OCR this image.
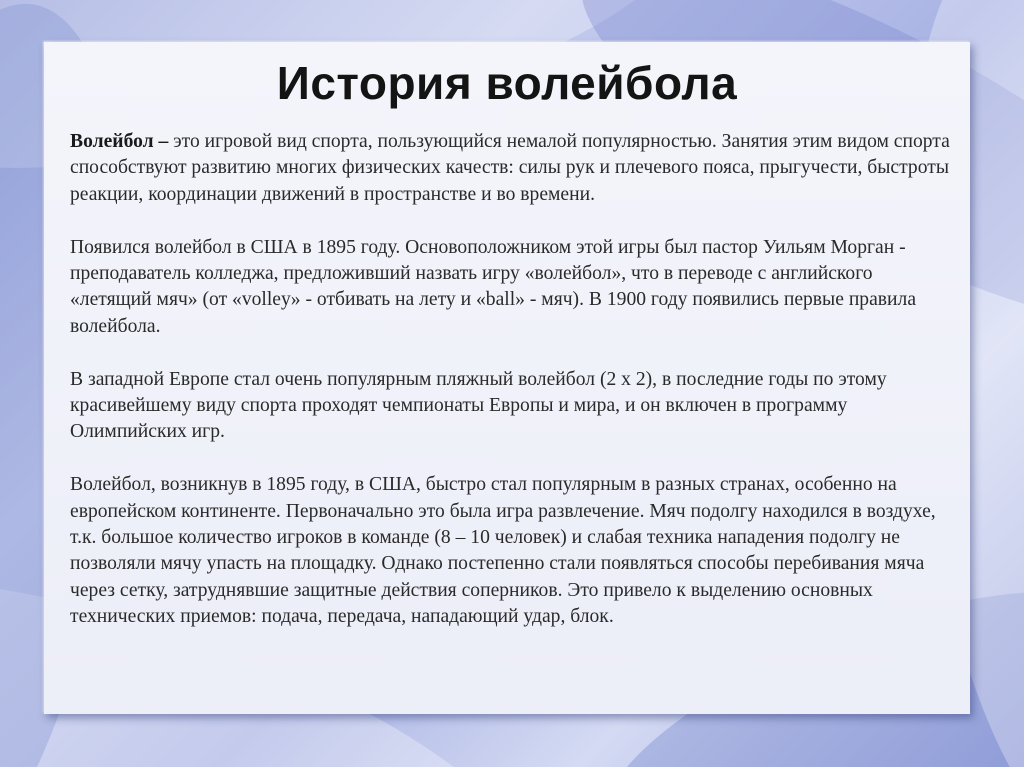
История волейбола

Волейбол – это игровой вид спорта, пользующийся немалой популярностью. Занятия этим видом спорта способствуют развитию многих физических качеств: силы рук и плечевого пояса, прыгучести, быстроты реакции, координации движений в пространстве и во времени.

Появился волейбол в США в 1895 году. Основоположником этой игры был пастор Уильям Морган - преподаватель колледжа, предложивший назвать игру «волейбол», что в переводе с английского «летящий мяч» (от «volley» - отбивать на лету и «ball» - мяч). В 1900 году появились первые правила волейбола.

В западной Европе стал очень популярным пляжный волейбол (2 х 2), в последние годы по этому красивейшему виду спорта проходят чемпионаты Европы и мира, и он включен в программу Олимпийских игр.

Волейбол, возникнув в 1895 году, в США, быстро стал популярным в разных странах, особенно на европейском континенте. Первоначально это была игра развлечение. Мяч подолгу находился в воздухе, т.к. большое количество игроков в команде (8 – 10 человек) и слабая техника нападения подолгу не позволяли мячу упасть на площадку. Однако постепенно стали появляться способы перебивания мяча через сетку, затруднявшие защитные действия соперников. Это привело к выделению основных технических приемов: подача, передача, нападающий удар, блок.
